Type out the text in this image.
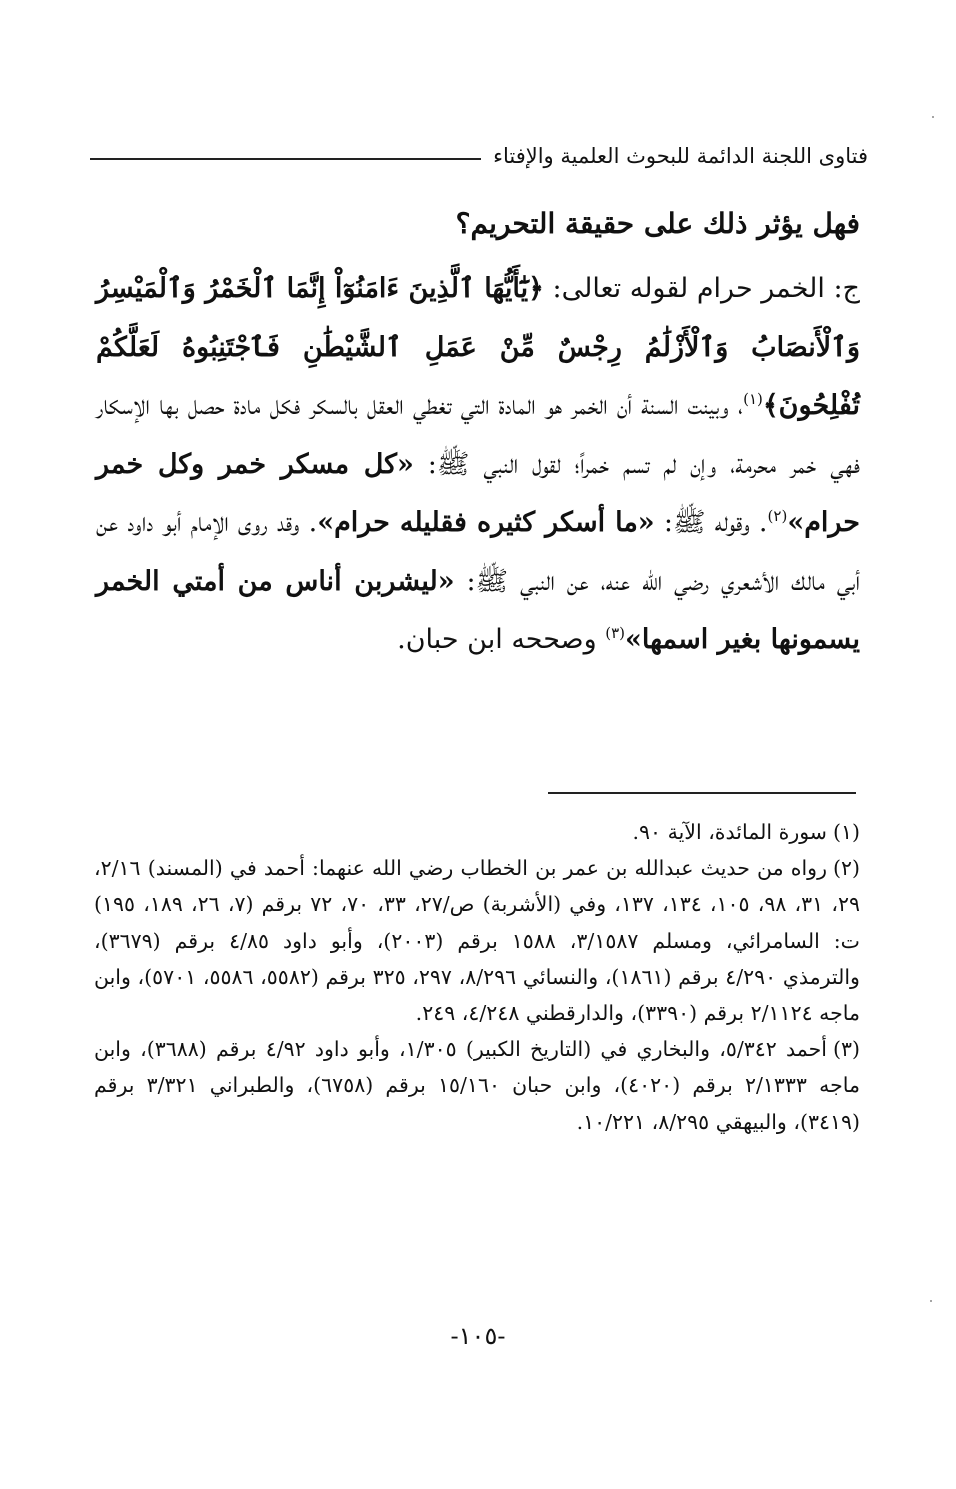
فتاوى اللجنة الدائمة للبحوث العلمية والإفتاء
فهل يؤثر ذلك على حقيقة التحريم؟
ج: الخمر حرام لقوله تعالى: ﴿يَٰٓأَيُّهَا ٱلَّذِينَ ءَامَنُوٓاْ إِنَّمَا ٱلْخَمْرُ وَٱلْمَيْسِرُ وَٱلْأَنصَابُ وَٱلْأَزْلَٰمُ رِجْسٌ مِّنْ عَمَلِ ٱلشَّيْطَٰنِ فَٱجْتَنِبُوهُ لَعَلَّكُمْ تُفْلِحُونَ﴾$^{(١)}$، وبينت السنة أن الخمر هو المادة التي تغطي العقل بالسكر فكل مادة حصل بها الإسكار فهي خمر محرمة، وإن لم تسم خمراً؛ لقول النبي ﷺ: «كل مسكر خمر وكل خمر حرام»$^{(٢)}$. وقوله ﷺ: «ما أسكر كثيره فقليله حرام». وقد روى الإمام أبو داود عن أبي مالك الأشعري رضي الله عنه، عن النبي ﷺ: «ليشربن أناس من أمتي الخمر يسمونها بغير اسمها»$^{(٣)}$ وصححه ابن حبان.

(١)سورة المائدة، الآية ٩٠.

(٢)رواه من حديث عبدالله بن عمر بن الخطاب رضي الله عنهما: أحمد في (المسند) ٢/١٦، ٢٩، ٣١، ٩٨، ١٠٥، ١٣٤، ١٣٧، وفي (الأشربة) ص/٢٧، ٣٣، ٧٠، ٧٢ برقم (٧، ٢٦، ١٨٩، ١٩٥) ت: السامرائي، ومسلم ٣/١٥٨٧، ١٥٨٨ برقم (٢٠٠٣)، وأبو داود ٤/٨٥ برقم (٣٦٧٩)، والترمذي ٤/٢٩٠ برقم (١٨٦١)، والنسائي ٨/٢٩٦، ٢٩٧، ٣٢٥ برقم (٥٥٨٢، ٥٥٨٦، ٥٧٠١)، وابن ماجه ٢/١١٢٤ برقم (٣٣٩٠)، والدارقطني ٤/٢٤٨، ٢٤٩.

(٣)أحمد ٥/٣٤٢، والبخاري في (التاريخ الكبير) ١/٣٠٥، وأبو داود ٤/٩٢ برقم (٣٦٨٨)، وابن ماجه ٢/١٣٣٣ برقم (٤٠٢٠)، وابن حبان ١٥/١٦٠ برقم (٦٧٥٨)، والطبراني ٣/٣٢١ برقم (٣٤١٩)، والبيهقي ٨/٢٩٥، ١٠/٢٢١.

-١٠٥-
